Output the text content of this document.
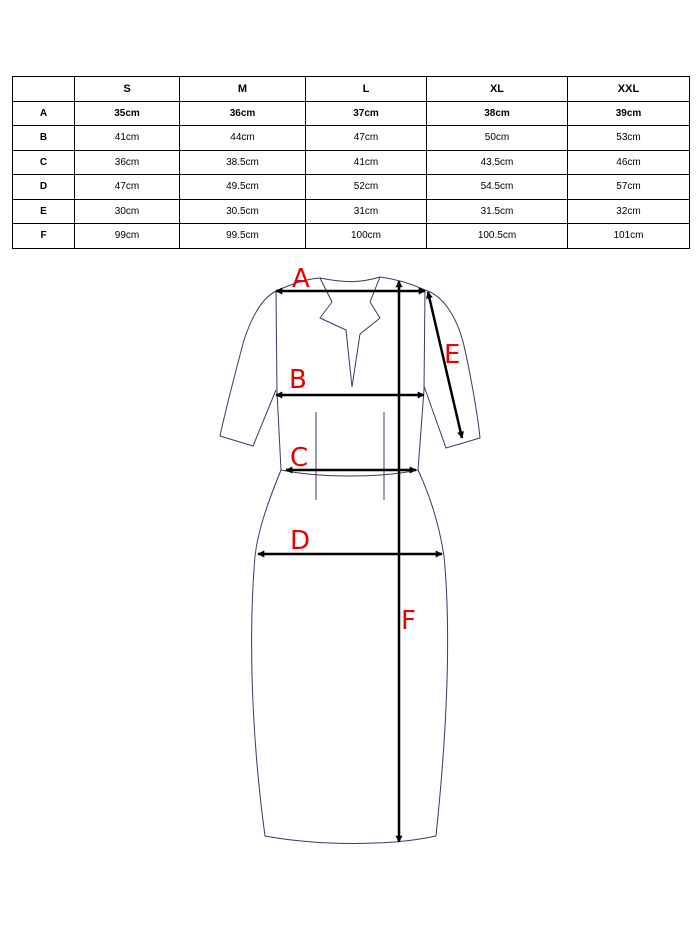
	S	M	L	XL	XXL
A	35cm	36cm	37cm	38cm	39cm
B	41cm	44cm	47cm	50cm	53cm
C	36cm	38.5cm	41cm	43.5cm	46cm
D	47cm	49.5cm	52cm	54.5cm	57cm
E	30cm	30.5cm	31cm	31.5cm	32cm
F	99cm	99.5cm	100cm	100.5cm	101cm
A
B
C
D
E
F
